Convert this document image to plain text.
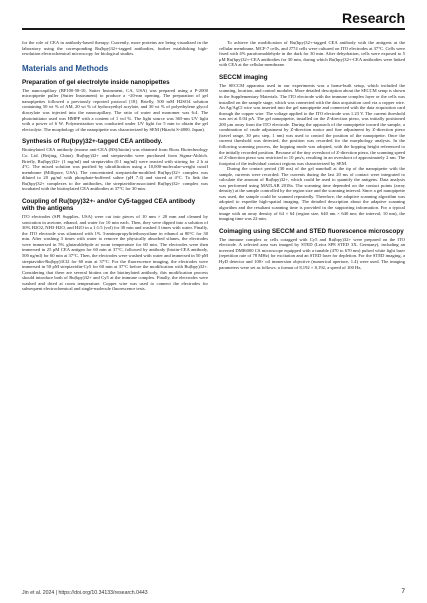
Research

for the role of CEA in antibody-based therapy. Currently, more proteins are being visualized in the laboratory using the corresponding Ru(bpy)32+-tagged antibodies, further establishing high-resolution electrochemical microscopy for biological studies.

Materials and Methods
Preparation of gel electrolyte inside nanopipettes

The nanocapillary (BF100-58-10, Sutter Instrument, CA, USA) was prepared using a P-2000 micropipette puller (Sutter Instrument) to produce a ~20-nm opening. The preparation of gel nanopipettes followed a previously reported protocol [18]. Briefly, 500 mM H2SO4 solution containing 50 wt % of AM, 20 wt % of hydroxyethyl acrylate, and 30 wt % of polyethylene glycol diacrylate was injected into the nanocapillary. The ratio of water and monomer was 6:4. The photoinitiator used was HMPP with a content of 1 vol %. The light source was 365-nm UV light with a power of 6 W. Polymerization was conducted under UV light for 5 min to obtain the gel electrolyte. The morphology of the nanopipette was characterized by SEM (Hitachi S-4800, Japan).

Synthesis of Ru(bpy)32+-tagged CEA antibody.

Biotinylated CEA antibody (mouse anti-CEA (BS)/biotin) was obtained from Bioss Biotechnology Co. Ltd. (Beijing, China). Ru(bpy)32+ and streptavidin were purchased from Sigma-Aldrich. Briefly, Ru(bpy)32+ (1 mg/ml) and streptavidin (0.1 mg/ml) were reacted with stirring for 2 h at 4°C. The mixed solution was purified by ultrafiltration using a 10,000-molecular-weight cutoff membrane (Millipore, USA). The concentrated streptavidin-modified Ru(bpy)32+ complex was diluted to 20 μg/ml with phosphate-buffered saline (pH 7.4) and stored at 4°C. To link the Ru(bpy)32+ complexes to the antibodies, the streptavidin-associated Ru(bpy)32+ complex was incubated with the biotinylated CEA antibodies at 37°C for 30 min.

Coupling of Ru(bpy)32+- and/or Cy5-tagged CEA antibody with the antigens

ITO electrodes (SPI Supplies, USA) were cut into pieces of 10 mm × 20 mm and cleaned by sonication in acetone, ethanol, and water for 10 min each. Then, they were dipped into a solution of 30% H2O2, NH3·H2O, and H2O in a 1:1:5 (vol) for 30 min and washed 3 times with water. Finally, the ITO electrode was silanized with 1% 3-aminopropyltriethoxysilane in ethanol at 80°C for 30 min. After washing 3 times with water to remove the physically absorbed silanes, the electrodes were immersed in 5% glutaraldehyde at room temperature for 60 min. The electrodes were then immersed in 25 pM CEA antigen for 60 min at 37°C, followed by antibody (biotin-CEA antibody, 500 ng/ml) for 60 min at 37°C. Then, the electrodes were washed with water and immersed in 50 pM streptavidin-Ru(bpy)3Cl2 for 60 min at 37°C. For the fluorescence imaging, the electrodes were immersed in 50 pM streptavidin-Cy5 for 60 min at 37°C before the modification with Ru(bpy)32+. Considering that there are several biotins on the biotinylated antibody, this modification process should introduce both of Ru(bpy)32+ and Cy5 at the immune complex. Finally, the electrodes were washed and dried at room temperature. Copper wire was used to connect the electrodes for subsequent electrochemical and single-molecule fluorescence tests.

To achieve the modification of Ru(bpy)32+-tagged CEA antibody with the antigens at the cellular membrane, MCF-7 cells, and J774 cells were cultured on ITO electrodes at 37°C. Cells were fixed with 4% paraformaldehyde in the dark for 30 min. After dehydration, cells were exposed to 5 μM Ru(bpy)32+-CEA antibodies for 30 min, during which Ru(bpy)32+-CEA antibodies were linked with CEA at the cellular membrane.

SECCM imaging

The SECCM apparatus used in our experiments was a home-built setup, which included the scanning, location, and control modules. More detailed description about the SECCM setup is shown in the Supplementary Materials. The ITO electrode with the immune complex layer or the cells was installed on the sample stage, which was connected with the data acquisition card via a copper wire. An Ag/AgCl wire was inserted into the gel nanopipette and connected with the data acquisition card through the copper wire. The voltage applied to the ITO electrode was 1.23 V. The current threshold was set at 0.04 pA. The gel nanopipette, installed on the Z-direction piezo, was initially positioned 200 μm away from the ITO electrode. During the approach of the nanopipette toward the sample, a combination of crude adjustment by Z-direction motor and fine adjustment by Z-direction piezo (travel range, 30 μm; step, 1 nm) was used to control the position of the nanopipette. Once the current threshold was detected, the position was recorded for the morphology analysis. In the following scanning process, the hopping mode was adopted, with the hopping height referenced to the initially recorded position. Because of the tiny overshoot of Z-direction piezo, the scanning speed of Z-direction piezo was restricted to 10 μm/s, resulting in an overshoot of approximately 2 nm. The footprint of the individual contact regions was characterized by SEM.

During the contact period (30 ms) of the gel nanoball at the tip of the nanopipette with the sample, currents were recorded. The currents during the last 20 ms of contact were integrated to calculate the amount of Ru(bpy)32+, which could be used to quantify the antigens. Data analysis was performed using MATLAB 2018a. The scanning time depended on the contact points (array density) at the sample controlled by the region size and the scanning interval. Since a gel nanopipette was used, the sample could be scanned repeatedly. Therefore, the adaptive scanning algorithm was adopted to expedite high-spatial imaging. The detailed description about the adaptive scanning algorithm and the resultant scanning time is provided in the supporting information. For a typical image with an array density of 64 × 64 (region size, 640 nm × 640 nm; the interval, 10 nm), the imaging time was 22 min.

Coimaging using SECCM and STED fluorescence microscopy

The immune complex or cells cotagged with Cy5 and Ru(bpy)32+ were prepared on the ITO electrode. A selected area was imaged by STED (Leica SP8 STED 3X, Germany), including an inverted DMI6000 CS microscope equipped with a tunable (470 to 670 nm) pulsed white light laser (repetition rate of 78 MHz) for excitation and an STED laser for depletion. For the STED imaging, a HyD detector and 100× oil immersion objective (numerical aperture, 1.4) were used. The imaging parameters were set as follows: a format of 8,192 × 8,192, a speed of 100 Hz,

Jin et al. 2024 | https://doi.org/10.34133/research.0443	7
